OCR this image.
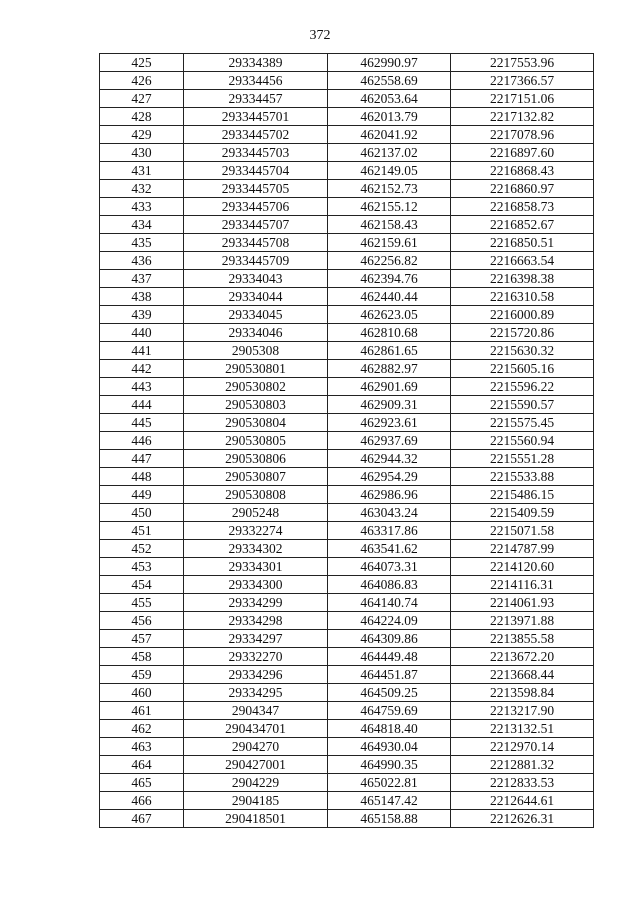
372
425	29334389	462990.97	2217553.96
426	29334456	462558.69	2217366.57
427	29334457	462053.64	2217151.06
428	2933445701	462013.79	2217132.82
429	2933445702	462041.92	2217078.96
430	2933445703	462137.02	2216897.60
431	2933445704	462149.05	2216868.43
432	2933445705	462152.73	2216860.97
433	2933445706	462155.12	2216858.73
434	2933445707	462158.43	2216852.67
435	2933445708	462159.61	2216850.51
436	2933445709	462256.82	2216663.54
437	29334043	462394.76	2216398.38
438	29334044	462440.44	2216310.58
439	29334045	462623.05	2216000.89
440	29334046	462810.68	2215720.86
441	2905308	462861.65	2215630.32
442	290530801	462882.97	2215605.16
443	290530802	462901.69	2215596.22
444	290530803	462909.31	2215590.57
445	290530804	462923.61	2215575.45
446	290530805	462937.69	2215560.94
447	290530806	462944.32	2215551.28
448	290530807	462954.29	2215533.88
449	290530808	462986.96	2215486.15
450	2905248	463043.24	2215409.59
451	29332274	463317.86	2215071.58
452	29334302	463541.62	2214787.99
453	29334301	464073.31	2214120.60
454	29334300	464086.83	2214116.31
455	29334299	464140.74	2214061.93
456	29334298	464224.09	2213971.88
457	29334297	464309.86	2213855.58
458	29332270	464449.48	2213672.20
459	29334296	464451.87	2213668.44
460	29334295	464509.25	2213598.84
461	2904347	464759.69	2213217.90
462	290434701	464818.40	2213132.51
463	2904270	464930.04	2212970.14
464	290427001	464990.35	2212881.32
465	2904229	465022.81	2212833.53
466	2904185	465147.42	2212644.61
467	290418501	465158.88	2212626.31
